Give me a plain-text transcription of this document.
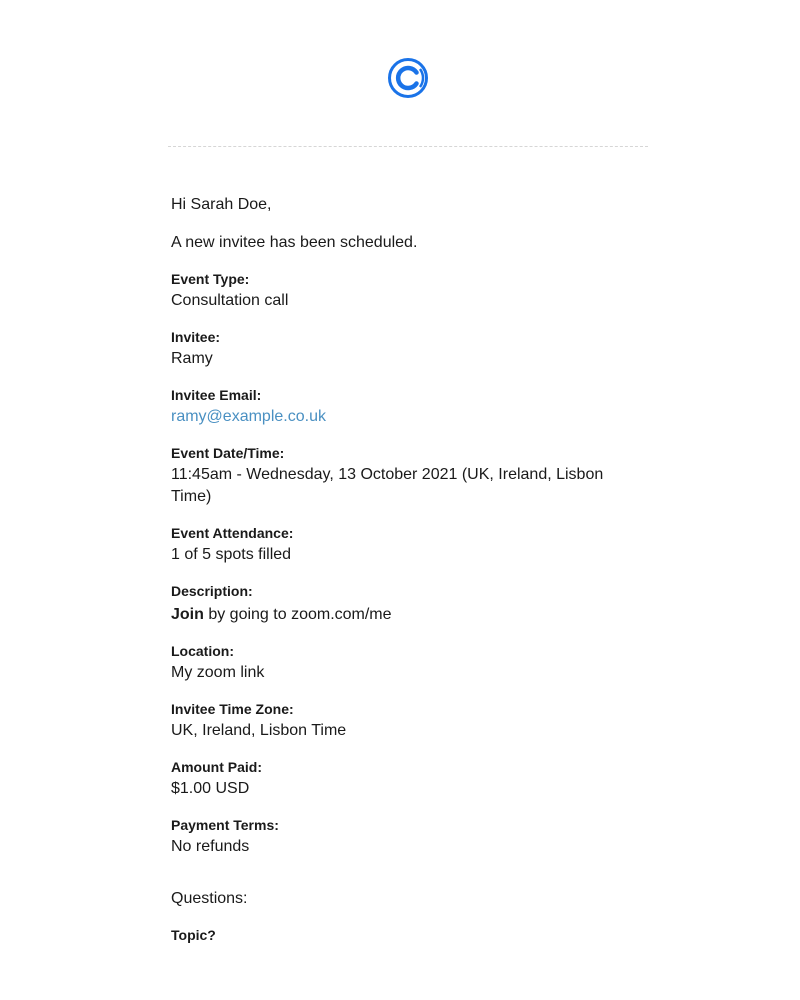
Hi Sarah Doe,

A new invitee has been scheduled.

Event Type:
Consultation call
Invitee:
Ramy
Invitee Email:
ramy@example.co.uk
Event Date/Time:
11:45am - Wednesday, 13 October 2021 (UK, Ireland, Lisbon Time)
Event Attendance:
1 of 5 spots filled
Description:
Join by going to zoom.com/me
Location:
My zoom link
Invitee Time Zone:
UK, Ireland, Lisbon Time
Amount Paid:
$1.00 USD
Payment Terms:
No refunds

Questions:

Topic?
